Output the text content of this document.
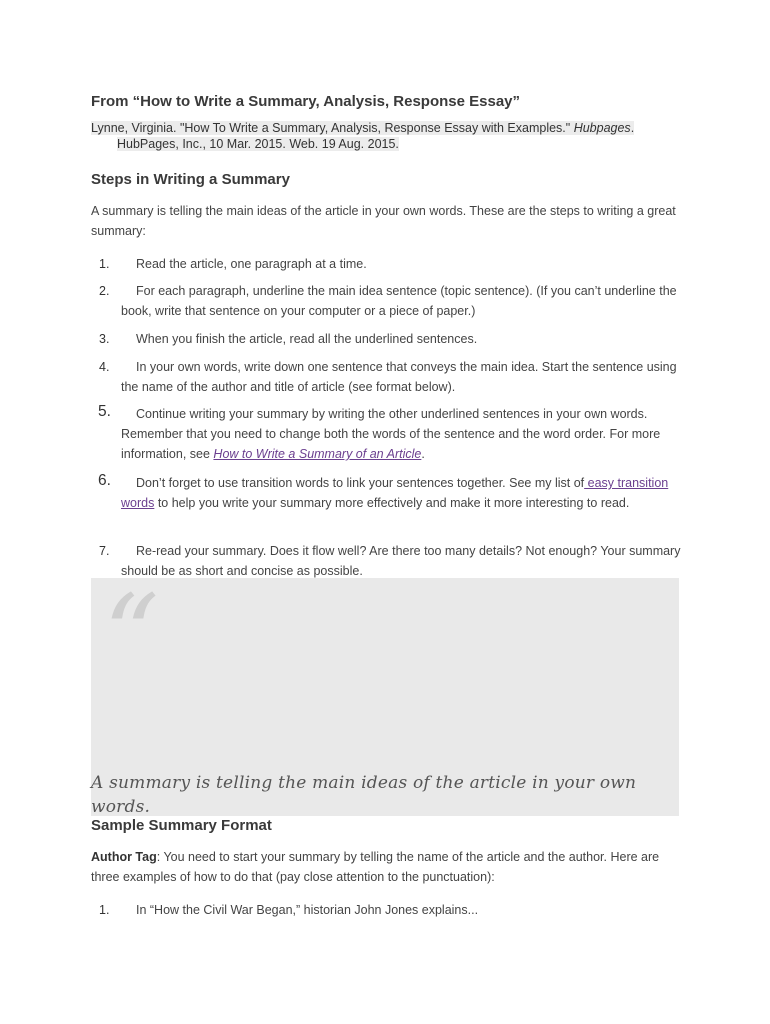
From “How to Write a Summary, Analysis, Response Essay”
Lynne, Virginia. "How To Write a Summary, Analysis, Response Essay with Examples." Hubpages.
HubPages, Inc., 10 Mar. 2015. Web. 19 Aug. 2015.
Steps in Writing a Summary
A summary is telling the main ideas of the article in your own words. These are the steps to writing a great summary:
1. Read the article, one paragraph at a time.
2. For each paragraph, underline the main idea sentence (topic sentence). (If you can’t underline the book, write that sentence on your computer or a piece of paper.)
3. When you finish the article, read all the underlined sentences.
4. In your own words, write down one sentence that conveys the main idea. Start the sentence using the name of the author and title of article (see format below).
5. Continue writing your summary by writing the other underlined sentences in your own words. Remember that you need to change both the words of the sentence and the word order. For more information, see How to Write a Summary of an Article.
6. Don’t forget to use transition words to link your sentences together. See my list of easy transition words to help you write your summary more effectively and make it more interesting to read.
7. Re-read your summary. Does it flow well? Are there too many details? Not enough? Your summary should be as short and concise as possible.
“
A summary is telling the main ideas of the article in your own words.
Sample Summary Format
Author Tag: You need to start your summary by telling the name of the article and the author. Here are three examples of how to do that (pay close attention to the punctuation):
1. In “How the Civil War Began,” historian John Jones explains...
